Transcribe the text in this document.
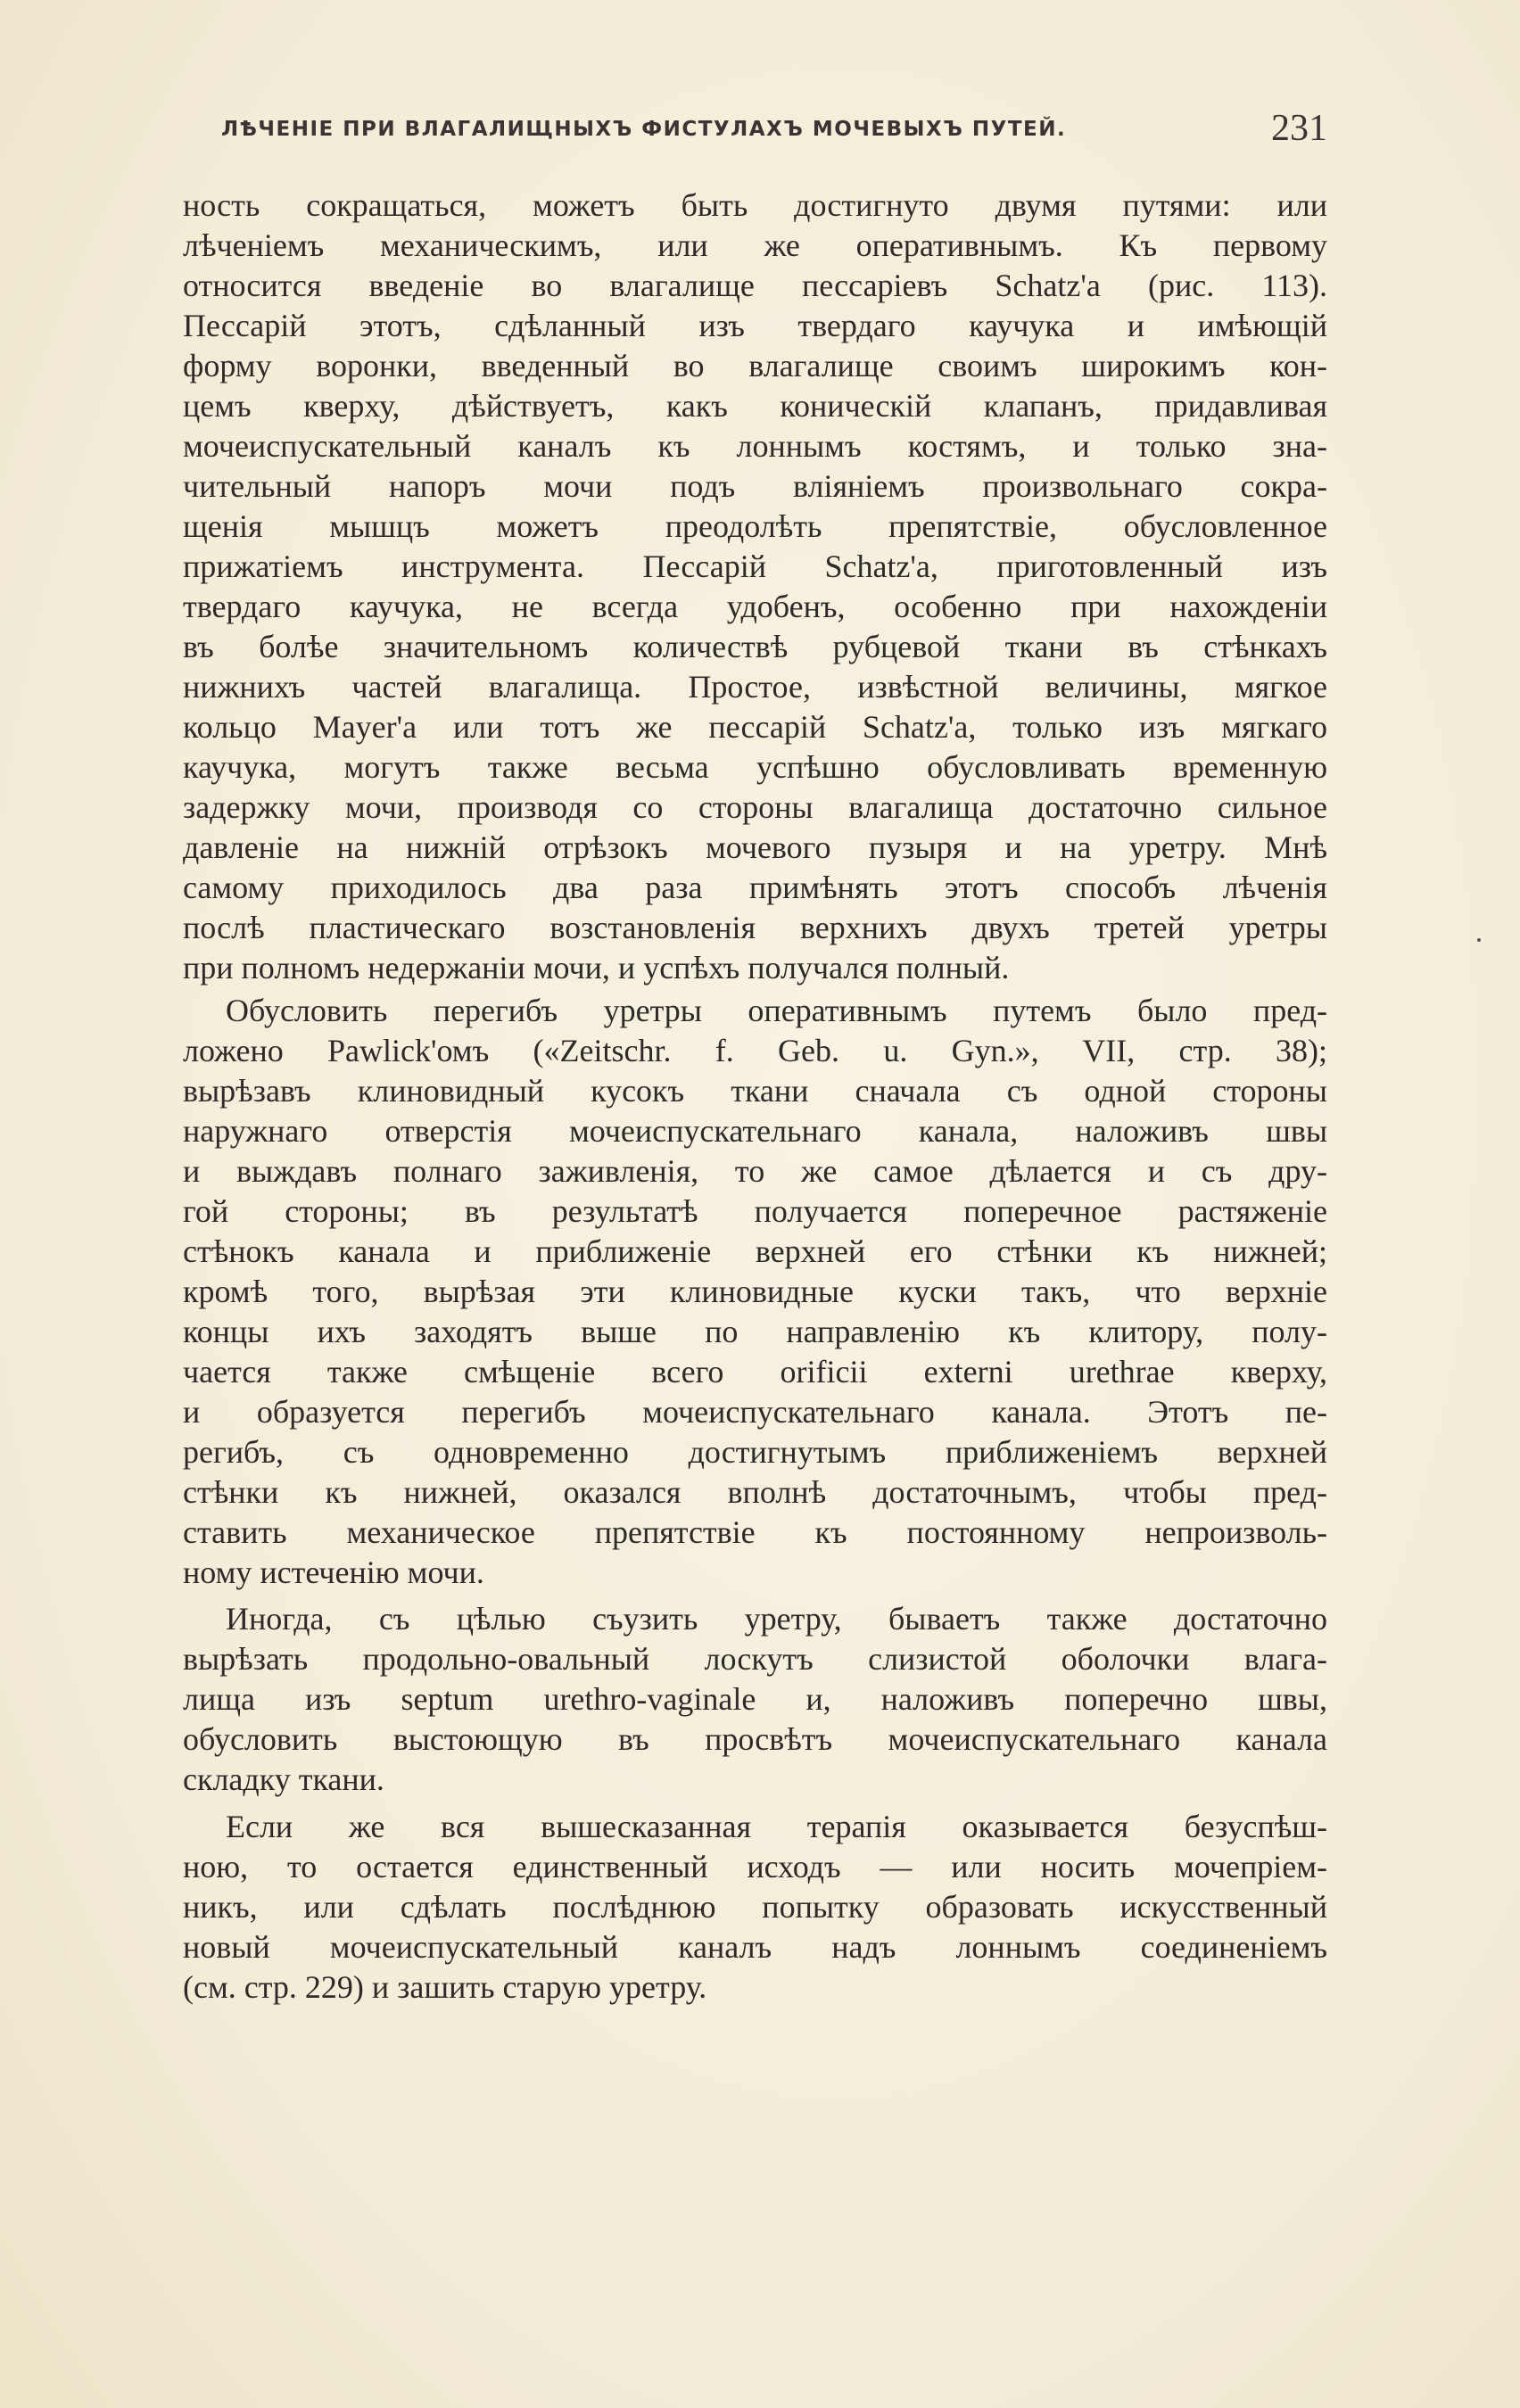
ЛѢЧЕНІЕ ПРИ ВЛАГАЛИЩНЫХЪ ФИСТУЛАХЪ МОЧЕВЫХЪ ПУТЕЙ.	231
ность сокращаться, можетъ быть достигнуто двумя путями: или
лѣченіемъ механическимъ, или же оперативнымъ. Къ первому
относится введеніе во влагалище пессаріевъ Schatz'а (рис. 113).
Пессарій этотъ, сдѣланный изъ твердаго каучука и имѣющій
форму воронки, введенный во влагалище своимъ широкимъ кон-
цемъ кверху, дѣйствуетъ, какъ коническій клапанъ, придавливая
мочеиспускательный каналъ къ лоннымъ костямъ, и только зна-
чительный напоръ мочи подъ вліяніемъ произвольнаго сокра-
щенія мышцъ можетъ преодолѣть препятствіе, обусловленное
прижатіемъ инструмента. Пессарій Schatz'а, приготовленный изъ
твердаго каучука, не всегда удобенъ, особенно при нахожденіи
въ болѣе значительномъ количествѣ рубцевой ткани въ стѣнкахъ
нижнихъ частей влагалища. Простое, извѣстной величины, мягкое
кольцо Mayer'а или тотъ же пессарій Schatz'а, только изъ мягкаго
каучука, могутъ также весьма успѣшно обусловливать временную
задержку мочи, производя со стороны влагалища достаточно сильное
давленіе на нижній отрѣзокъ мочевого пузыря и на уретру. Мнѣ
самому приходилось два раза примѣнять этотъ способъ лѣченія
послѣ пластическаго возстановленія верхнихъ двухъ третей уретры
при полномъ недержаніи мочи, и успѣхъ получался полный.
Обусловить перегибъ уретры оперативнымъ путемъ было пред-
ложено Pawlick'омъ («Zeitschr. f. Geb. u. Gyn.», VII, стр. 38);
вырѣзавъ клиновидный кусокъ ткани сначала съ одной стороны
наружнаго отверстія мочеиспускательнаго канала, наложивъ швы
и выждавъ полнаго заживленія, то же самое дѣлается и съ дру-
гой стороны; въ результатѣ получается поперечное растяженіе
стѣнокъ канала и приближеніе верхней его стѣнки къ нижней;
кромѣ того, вырѣзая эти клиновидные куски такъ, что верхніе
концы ихъ заходятъ выше по направленію къ клитору, полу-
чается также смѣщеніе всего orificii externi urethrae кверху,
и образуется перегибъ мочеиспускательнаго канала. Этотъ пе-
регибъ, съ одновременно достигнутымъ приближеніемъ верхней
стѣнки къ нижней, оказался вполнѣ достаточнымъ, чтобы пред-
ставить механическое препятствіе къ постоянному непроизволь-
ному истеченію мочи.
Иногда, съ цѣлью съузить уретру, бываетъ также достаточно
вырѣзать продольно-овальный лоскутъ слизистой оболочки влага-
лища изъ septum urethro-vaginale и, наложивъ поперечно швы,
обусловить выстоющую въ просвѣтъ мочеиспускательнаго канала
складку ткани.
Если же вся вышесказанная терапія оказывается безуспѣш-
ною, то остается единственный исходъ — или носить мочепріем-
никъ, или сдѣлать послѣднюю попытку образовать искусственный
новый мочеиспускательный каналъ надъ лоннымъ соединеніемъ
(см. стр. 229) и зашить старую уретру.
